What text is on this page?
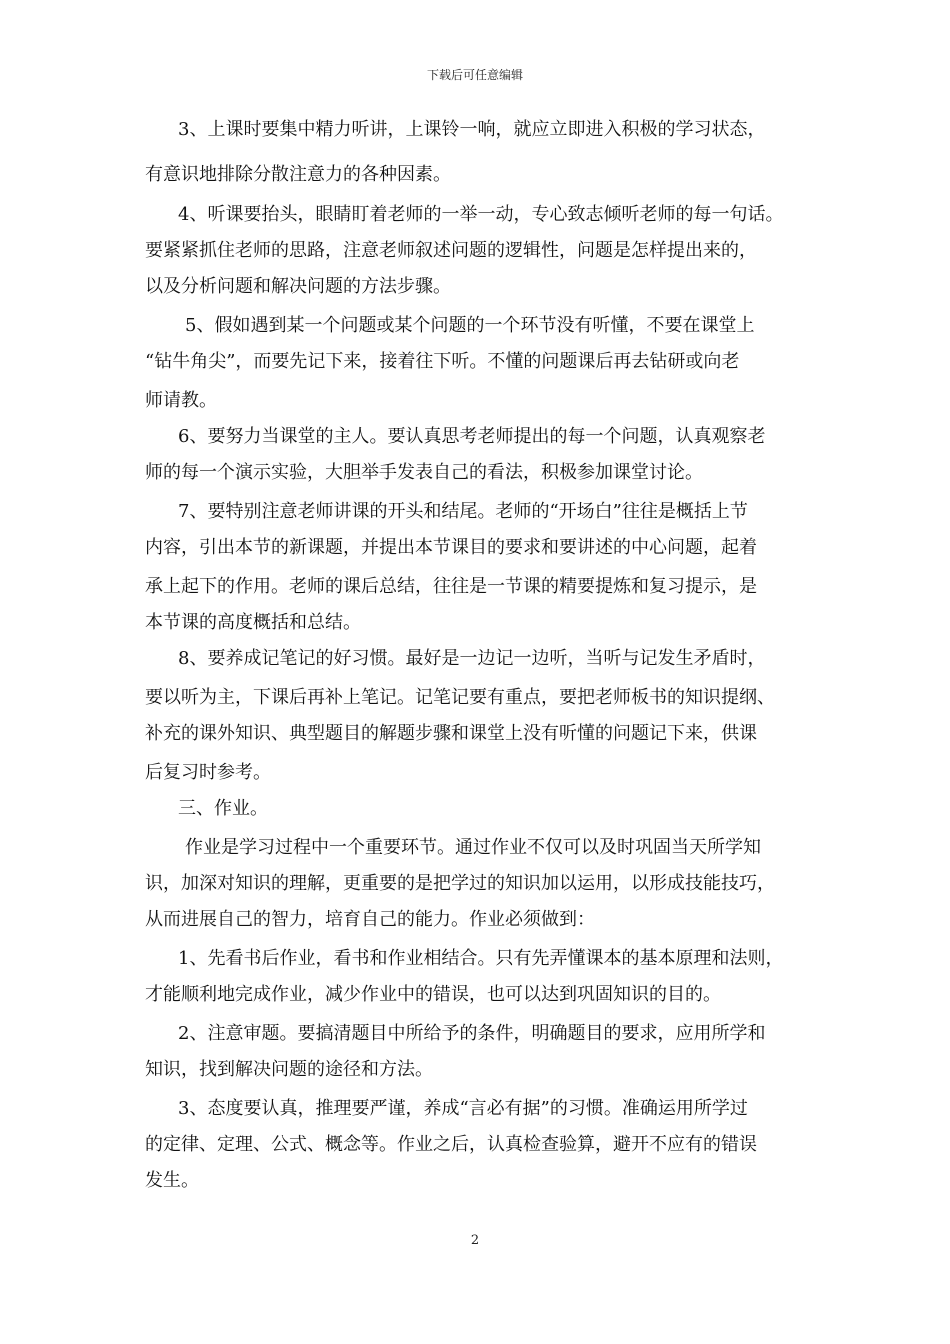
下载后可任意编辑
3、上课时要集中精力听讲，上课铃一响，就应立即进入积极的学习状态，
有意识地排除分散注意力的各种因素。
4、听课要抬头，眼睛盯着老师的一举一动，专心致志倾听老师的每一句话。
要紧紧抓住老师的思路，注意老师叙述问题的逻辑性，问题是怎样提出来的，
以及分析问题和解决问题的方法步骤。
5、假如遇到某一个问题或某个问题的一个环节没有听懂，不要在课堂上
“钻牛角尖”，而要先记下来，接着往下听。不懂的问题课后再去钻研或向老
师请教。
6、要努力当课堂的主人。要认真思考老师提出的每一个问题，认真观察老
师的每一个演示实验，大胆举手发表自己的看法，积极参加课堂讨论。
7、要特别注意老师讲课的开头和结尾。老师的“开场白”往往是概括上节
内容，引出本节的新课题，并提出本节课目的要求和要讲述的中心问题，起着
承上起下的作用。老师的课后总结，往往是一节课的精要提炼和复习提示，是
本节课的高度概括和总结。
8、要养成记笔记的好习惯。最好是一边记一边听，当听与记发生矛盾时，
要以听为主，下课后再补上笔记。记笔记要有重点，要把老师板书的知识提纲、
补充的课外知识、典型题目的解题步骤和课堂上没有听懂的问题记下来，供课
后复习时参考。
三、作业。
作业是学习过程中一个重要环节。通过作业不仅可以及时巩固当天所学知
识，加深对知识的理解，更重要的是把学过的知识加以运用，以形成技能技巧，
从而进展自己的智力，培育自己的能力。作业必须做到：
1、先看书后作业，看书和作业相结合。只有先弄懂课本的基本原理和法则，
才能顺利地完成作业，减少作业中的错误，也可以达到巩固知识的目的。
2、注意审题。要搞清题目中所给予的条件，明确题目的要求，应用所学和
知识，找到解决问题的途径和方法。
3、态度要认真，推理要严谨，养成“言必有据”的习惯。准确运用所学过
的定律、定理、公式、概念等。作业之后，认真检查验算，避开不应有的错误
发生。
2
